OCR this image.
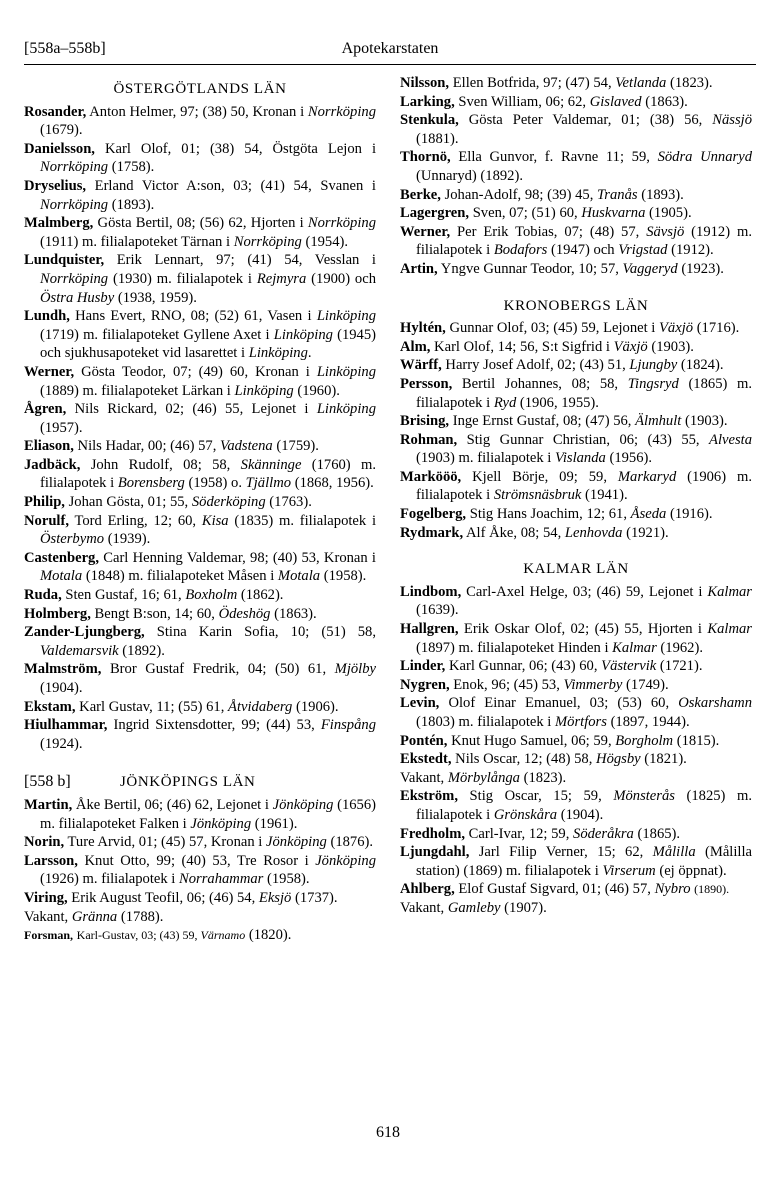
[558a–558b]	Apotekarstaten
ÖSTERGÖTLANDS LÄN
Rosander, Anton Helmer, 97; (38) 50, Kronan i Norrköping (1679).
Danielsson, Karl Olof, 01; (38) 54, Östgöta Lejon i Norrköping (1758).
Dryselius, Erland Victor A:son, 03; (41) 54, Svanen i Norrköping (1893).
Malmberg, Gösta Bertil, 08; (56) 62, Hjorten i Norrköping (1911) m. filialapoteket Tärnan i Norrköping (1954).
Lundquister, Erik Lennart, 97; (41) 54, Vesslan i Norrköping (1930) m. filialapotek i Rejmyra (1900) och Östra Husby (1938, 1959).
Lundh, Hans Evert, RNO, 08; (52) 61, Vasen i Linköping (1719) m. filialapoteket Gyllene Axet i Linköping (1945) och sjukhusapoteket vid lasarettet i Linköping.
Werner, Gösta Teodor, 07; (49) 60, Kronan i Linköping (1889) m. filialapoteket Lärkan i Linköping (1960).
Ågren, Nils Rickard, 02; (46) 55, Lejonet i Linköping (1957).
Eliason, Nils Hadar, 00; (46) 57, Vadstena (1759).
Jadbäck, John Rudolf, 08; 58, Skänninge (1760) m. filialapotek i Borensberg (1958) o. Tjällmo (1868, 1956).
Philip, Johan Gösta, 01; 55, Söderköping (1763).
Norulf, Tord Erling, 12; 60, Kisa (1835) m. filialapotek i Österbymo (1939).
Castenberg, Carl Henning Valdemar, 98; (40) 53, Kronan i Motala (1848) m. filialapoteket Måsen i Motala (1958).
Ruda, Sten Gustaf, 16; 61, Boxholm (1862).
Holmberg, Bengt B:son, 14; 60, Ödeshög (1863).
Zander-Ljungberg, Stina Karin Sofia, 10; (51) 58, Valdemarsvik (1892).
Malmström, Bror Gustaf Fredrik, 04; (50) 61, Mjölby (1904).
Ekstam, Karl Gustav, 11; (55) 61, Åtvidaberg (1906).
Hiulhammar, Ingrid Sixtensdotter, 99; (44) 53, Finspång (1924).
[558 b]	JÖNKÖPINGS LÄN
Martin, Åke Bertil, 06; (46) 62, Lejonet i Jönköping (1656) m. filialapoteket Falken i Jönköping (1961).
Norin, Ture Arvid, 01; (45) 57, Kronan i Jönköping (1876).
Larsson, Knut Otto, 99; (40) 53, Tre Rosor i Jönköping (1926) m. filialapotek i Norrahammar (1958).
Viring, Erik August Teofil, 06; (46) 54, Eksjö (1737).
Vakant, Gränna (1788).
Forsman, Karl-Gustav, 03; (43) 59, Värnamo (1820).
Nilsson, Ellen Botfrida, 97; (47) 54, Vetlanda (1823).
Larking, Sven William, 06; 62, Gislaved (1863).
Stenkula, Gösta Peter Valdemar, 01; (38) 56, Nässjö (1881).
Thornö, Ella Gunvor, f. Ravne 11; 59, Södra Unnaryd (Unnaryd) (1892).
Berke, Johan-Adolf, 98; (39) 45, Tranås (1893).
Lagergren, Sven, 07; (51) 60, Huskvarna (1905).
Werner, Per Erik Tobias, 07; (48) 57, Sävsjö (1912) m. filialapotek i Bodafors (1947) och Vrigstad (1912).
Artin, Yngve Gunnar Teodor, 10; 57, Vaggeryd (1923).
KRONOBERGS LÄN
Hyltén, Gunnar Olof, 03; (45) 59, Lejonet i Växjö (1716).
Alm, Karl Olof, 14; 56, S:t Sigfrid i Växjö (1903).
Wärff, Harry Josef Adolf, 02; (43) 51, Ljungby (1824).
Persson, Bertil Johannes, 08; 58, Tingsryd (1865) m. filialapotek i Ryd (1906, 1955).
Brising, Inge Ernst Gustaf, 08; (47) 56, Älmhult (1903).
Rohman, Stig Gunnar Christian, 06; (43) 55, Alvesta (1903) m. filialapotek i Vislanda (1956).
Markööö, Kjell Börje, 09; 59, Markaryd (1906) m. filialapotek i Strömsnäsbruk (1941).
Fogelberg, Stig Hans Joachim, 12; 61, Åseda (1916).
Rydmark, Alf Åke, 08; 54, Lenhovda (1921).
KALMAR LÄN
Lindbom, Carl-Axel Helge, 03; (46) 59, Lejonet i Kalmar (1639).
Hallgren, Erik Oskar Olof, 02; (45) 55, Hjorten i Kalmar (1897) m. filialapoteket Hinden i Kalmar (1962).
Linder, Karl Gunnar, 06; (43) 60, Västervik (1721).
Nygren, Enok, 96; (45) 53, Vimmerby (1749).
Levin, Olof Einar Emanuel, 03; (53) 60, Oskarshamn (1803) m. filialapotek i Mörtfors (1897, 1944).
Pontén, Knut Hugo Samuel, 06; 59, Borgholm (1815).
Ekstedt, Nils Oscar, 12; (48) 58, Högsby (1821).
Vakant, Mörbylånga (1823).
Ekström, Stig Oscar, 15; 59, Mönsterås (1825) m. filialapotek i Grönskåra (1904).
Fredholm, Carl-Ivar, 12; 59, Söderåkra (1865).
Ljungdahl, Jarl Filip Verner, 15; 62, Målilla (Målilla station) (1869) m. filialapotek i Virserum (ej öppnat).
Ahlberg, Elof Gustaf Sigvard, 01; (46) 57, Nybro (1890).
Vakant, Gamleby (1907).
618
